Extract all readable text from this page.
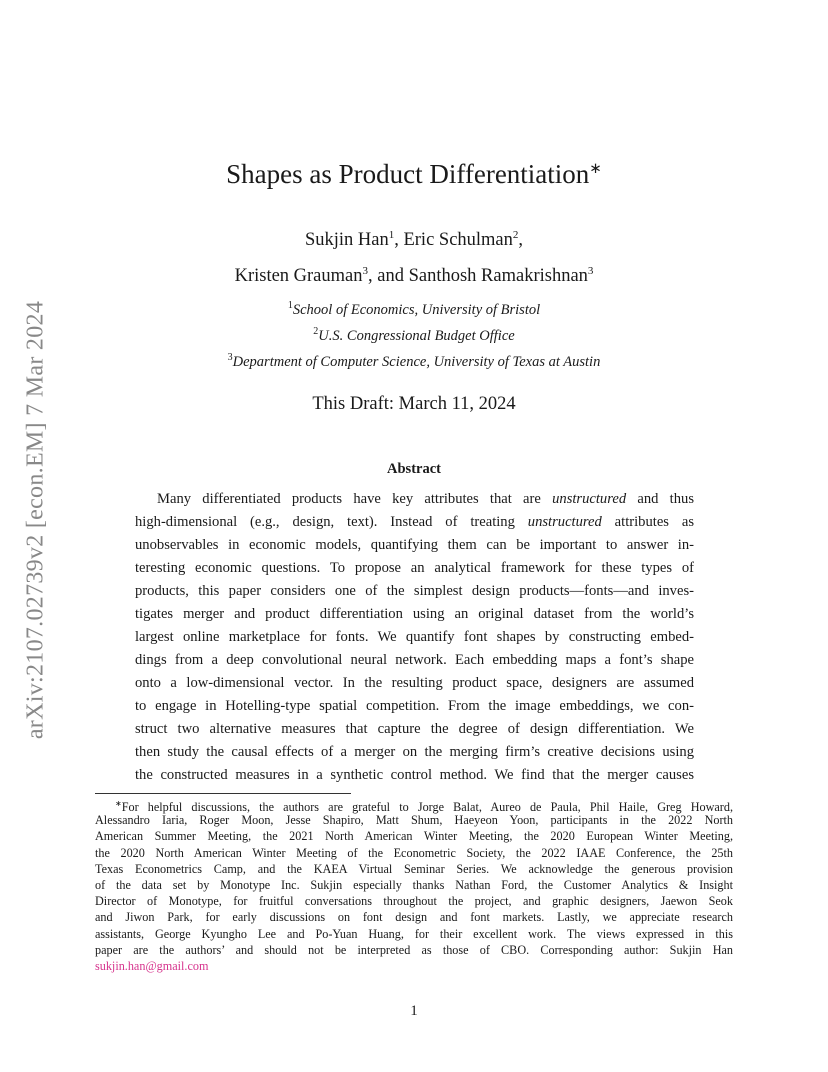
arXiv:2107.02739v2 [econ.EM] 7 Mar 2024
Shapes as Product Differentiation∗
Sukjin Han$^1$, Eric Schulman$^2$,
Kristen Grauman$^3$, and Santhosh Ramakrishnan$^3$
$^1$School of Economics, University of Bristol
$^2$U.S. Congressional Budget Office
$^3$Department of Computer Science, University of Texas at Austin
This Draft: March 11, 2024
Abstract
Many differentiated products have key attributes that are unstructured and thus
high-dimensional (e.g., design, text). Instead of treating unstructured attributes as
unobservables in economic models, quantifying them can be important to answer in-
teresting economic questions. To propose an analytical framework for these types of
products, this paper considers one of the simplest design products—fonts—and inves-
tigates merger and product differentiation using an original dataset from the world’s
largest online marketplace for fonts. We quantify font shapes by constructing embed-
dings from a deep convolutional neural network. Each embedding maps a font’s shape
onto a low-dimensional vector. In the resulting product space, designers are assumed
to engage in Hotelling-type spatial competition. From the image embeddings, we con-
struct two alternative measures that capture the degree of design differentiation. We
then study the causal effects of a merger on the merging firm’s creative decisions using
the constructed measures in a synthetic control method. We find that the merger causes
∗For helpful discussions, the authors are grateful to Jorge Balat, Aureo de Paula, Phil Haile, Greg Howard,
Alessandro Iaria, Roger Moon, Jesse Shapiro, Matt Shum, Haeyeon Yoon, participants in the 2022 North
American Summer Meeting, the 2021 North American Winter Meeting, the 2020 European Winter Meeting,
the 2020 North American Winter Meeting of the Econometric Society, the 2022 IAAE Conference, the 25th
Texas Econometrics Camp, and the KAEA Virtual Seminar Series. We acknowledge the generous provision
of the data set by Monotype Inc. Sukjin especially thanks Nathan Ford, the Customer Analytics & Insight
Director of Monotype, for fruitful conversations throughout the project, and graphic designers, Jaewon Seok
and Jiwon Park, for early discussions on font design and font markets. Lastly, we appreciate research
assistants, George Kyungho Lee and Po-Yuan Huang, for their excellent work. The views expressed in this
paper are the authors’ and should not be interpreted as those of CBO. Corresponding author: Sukjin Han
sukjin.han@gmail.com
1
